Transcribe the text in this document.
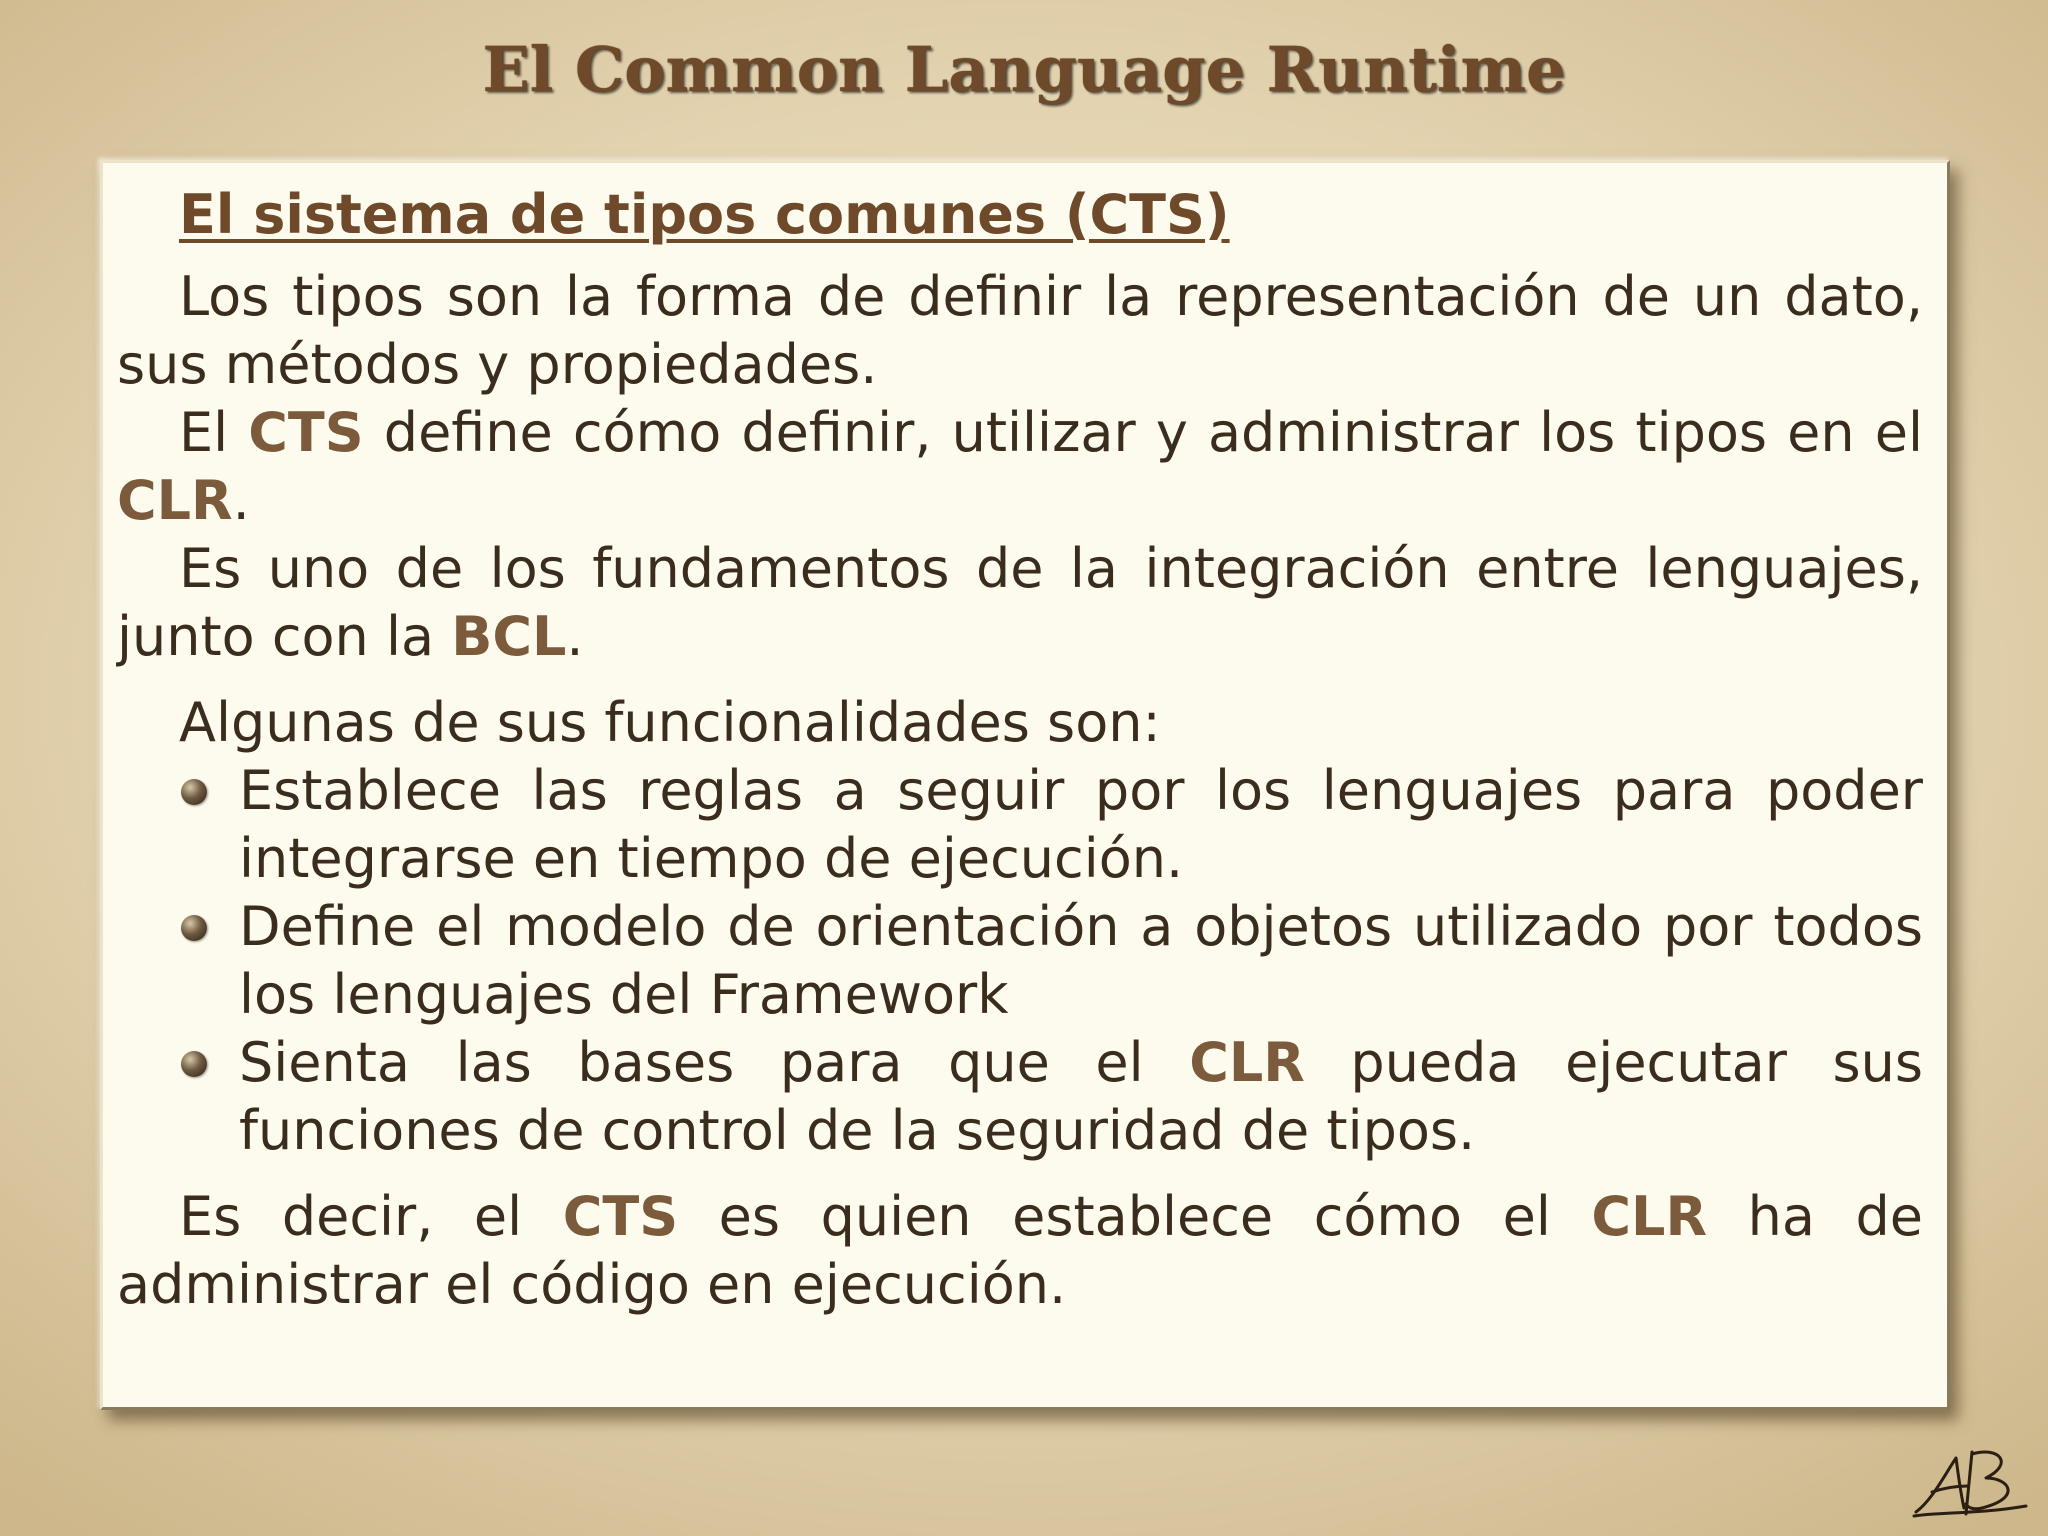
El Common Language Runtime
El sistema de tipos comunes (CTS)

Los tipos son la forma de definir la representación de un dato, sus métodos y propiedades.

El CTS define cómo definir, utilizar y administrar los tipos en el CLR.

Es uno de los fundamentos de la integración entre lenguajes, junto con la BCL.

Algunas de sus funcionalidades son:

Establece las reglas a seguir por los lenguajes para poder integrarse en tiempo de ejecución.
Define el modelo de orientación a objetos utilizado por todos los lenguajes del Framework
Sienta las bases para que el CLR pueda ejecutar sus funciones de control de la seguridad de tipos.

Es decir, el CTS es quien establece cómo el CLR ha de administrar el código en ejecución.
